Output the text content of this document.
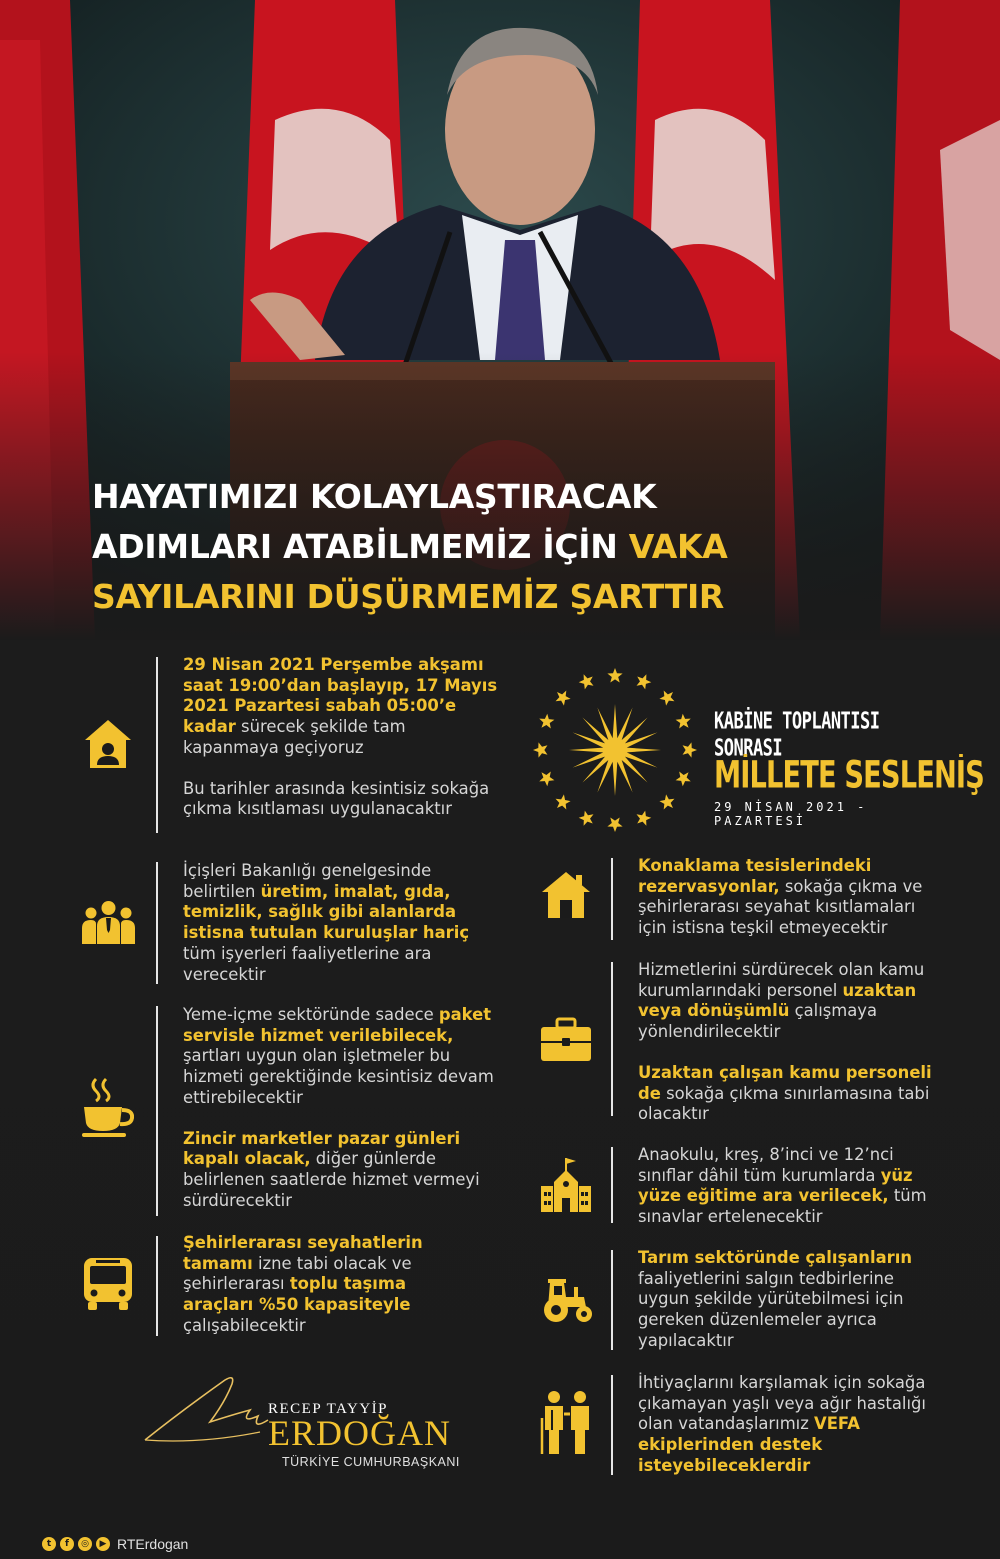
HAYATIMIZI KOLAYLAŞTIRACAK
ADIMLARI ATABİLMEMİZ İÇİN VAKA
SAYILARINI DÜŞÜRMEMİZ ŞARTTIR

29 Nisan 2021 Perşembe akşamı saat 19:00’dan başlayıp, 17 Mayıs 2021 Pazartesi sabah 05:00’e kadar sürecek şekilde tam kapanmaya geçiyoruz

Bu tarihler arasında kesintisiz sokağa çıkma kısıtlaması uygulanacaktır

İçişleri Bakanlığı genelgesinde belirtilen üretim, imalat, gıda, temizlik, sağlık gibi alanlarda istisna tutulan kuruluşlar hariç tüm işyerleri faaliyetlerine ara verecektir

Yeme-içme sektöründe sadece paket servisle hizmet verilebilecek, şartları uygun olan işletmeler bu hizmeti gerektiğinde kesintisiz devam ettirebilecektir

Zincir marketler pazar günleri kapalı olacak, diğer günlerde belirlenen saatlerde hizmet vermeyi sürdürecektir

Şehirlerarası seyahatlerin tamamı izne tabi olacak ve şehirlerarası toplu taşıma araçları %50 kapasiteyle çalışabilecektir

KABİNE TOPLANTISI SONRASI
MİLLETE SESLENİŞ
29 NİSAN 2021 - PAZARTESİ

Konaklama tesislerindeki rezervasyonlar, sokağa çıkma ve şehirlerarası seyahat kısıtlamaları için istisna teşkil etmeyecektir

Hizmetlerini sürdürecek olan kamu kurumlarındaki personel uzaktan veya dönüşümlü çalışmaya yönlendirilecektir

Uzaktan çalışan kamu personeli de sokağa çıkma sınırlamasına tabi olacaktır

Anaokulu, kreş, 8’inci ve 12’nci sınıflar dâhil tüm kurumlarda yüz yüze eğitime ara verilecek, tüm sınavlar ertelenecektir

Tarım sektöründe çalışanların faaliyetlerini salgın tedbirlerine uygun şekilde yürütebilmesi için gereken düzenlemeler ayrıca yapılacaktır

İhtiyaçlarını karşılamak için sokağa çıkamayan yaşlı veya ağır hastalığı olan vatandaşlarımız VEFA ekiplerinden destek isteyebileceklerdir

RECEP TAYYİP
ERDOĞAN
TÜRKİYE CUMHURBAŞKANI
t	f	◎	▶ RTErdogan
